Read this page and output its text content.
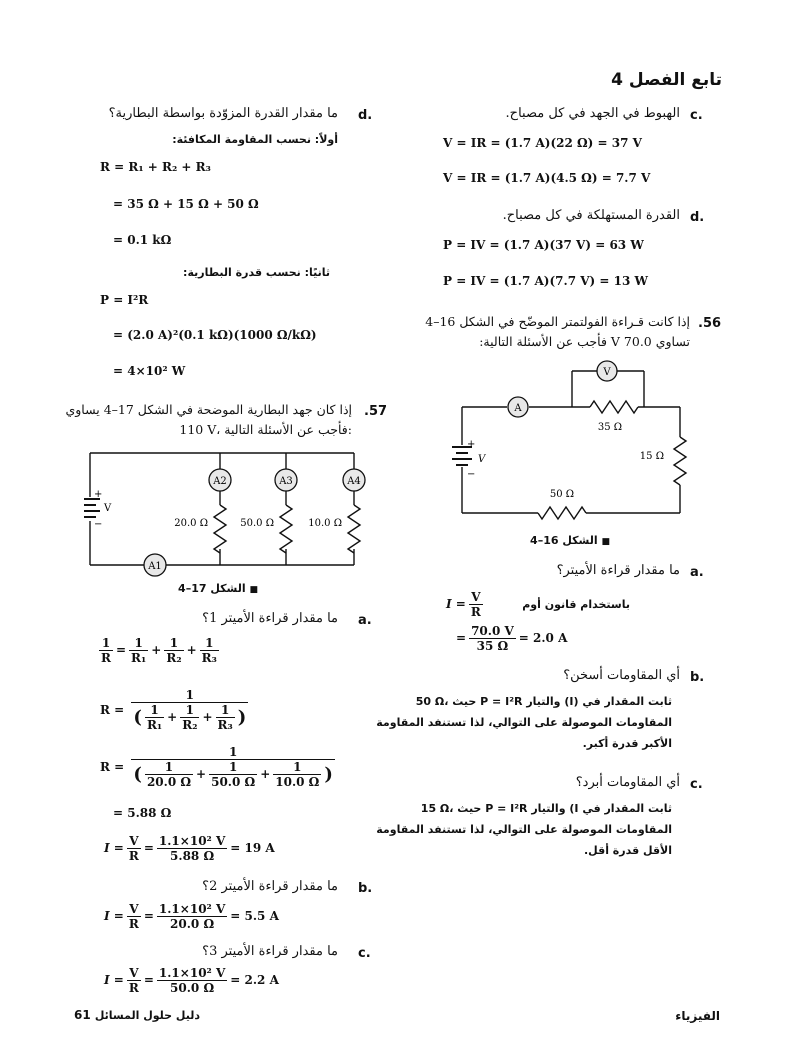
تابع الفصل 4
c.
الهبوط في الجهد في كل مصباح.
V = IR = (1.7 A)(22 Ω) = 37 V
V = IR = (1.7 A)(4.5 Ω) = 7.7 V
d.
القدرة المستهلكة في كل مصباح.
P = IV = (1.7 A)(37 V) = 63 W
P = IV = (1.7 A)(7.7 V) = 13 W
.56
إذا كانت قـراءة الفولتمتر الموضّح في الشكل 16–4
تساوي 70.0 V فأجب عن الأسئلة التالية:
V
A
35 Ω
15 Ω
50 Ω
V
+
−
■ الشكل 16–4
a.
ما مقدار قراءة الأميتر؟
$I = \frac{V}{R}$	باستخدام قانون أوم
= $\frac{70.0 V}{35 \Omega} = 2.0$ A
b.
أي المقاومات أسخن؟
50 Ω، حيث P = I²R والتيار (I) ثابت المقدار في
المقاومات الموصولة على التوالي، لذا تستنفد المقاومة
الأكبر قدرة أكبر.
c.
أي المقاومات أبرد؟
15 Ω، حيث P = I²R والتيار (I ثابت المقدار في
المقاومات الموصولة على التوالي، لذا تستنفد المقاومة
الأقل قدرة أقل.
d.
ما مقدار القدرة المزوّدة بواسطة البطارية؟
أولاً: نحسب المقاومة المكافئة:
R = R₁ + R₂ + R₃
= 35 Ω + 15 Ω + 50 Ω
= 0.1 kΩ
ثانيًا: نحسب قدرة البطارية:
P = I²R
= (2.0 A)²(0.1 kΩ)(1000 Ω/kΩ)
= 4×10² W
.57
إذا كان جهد البطارية الموضحة في الشكل 17–4 يساوي
110 V، فأجب عن الأسئلة التالية:
A2	A3	A4
A1
20.0 Ω	50.0 Ω	10.0 Ω
V
+
−
■ الشكل 17–4
a.
ما مقدار قراءة الأميتر 1؟
$\frac{1}{R} = \frac{1}{\text{R₁}} + \frac{1}{\text{R₂}} + \frac{1}{\text{R₃}}$
$R = \frac{1}{( \frac{1}{\text{R₁}} + \frac{1}{\text{R₂}} + \frac{1}{\text{R₃}} )}$
$R = \frac{1}{( \frac{1}{20.0 \Omega} + \frac{1}{50.0 \Omega} + \frac{1}{10.0 \Omega} )}$
= 5.88 Ω
$I = \frac{V}{R} = \frac{\text{1.1×10² V}}{5.88 \Omega} = 19$ A
b.
ما مقدار قراءة الأميتر 2؟
$I = \frac{V}{R} = \frac{\text{1.1×10² V}}{20.0 \Omega} = 5.5$ A
c.
ما مقدار قراءة الأميتر 3؟
$I = \frac{V}{R} = \frac{\text{1.1×10² V}}{50.0 \Omega} = 2.2$ A
الفيزياء
دليل حلول المسائل
61
